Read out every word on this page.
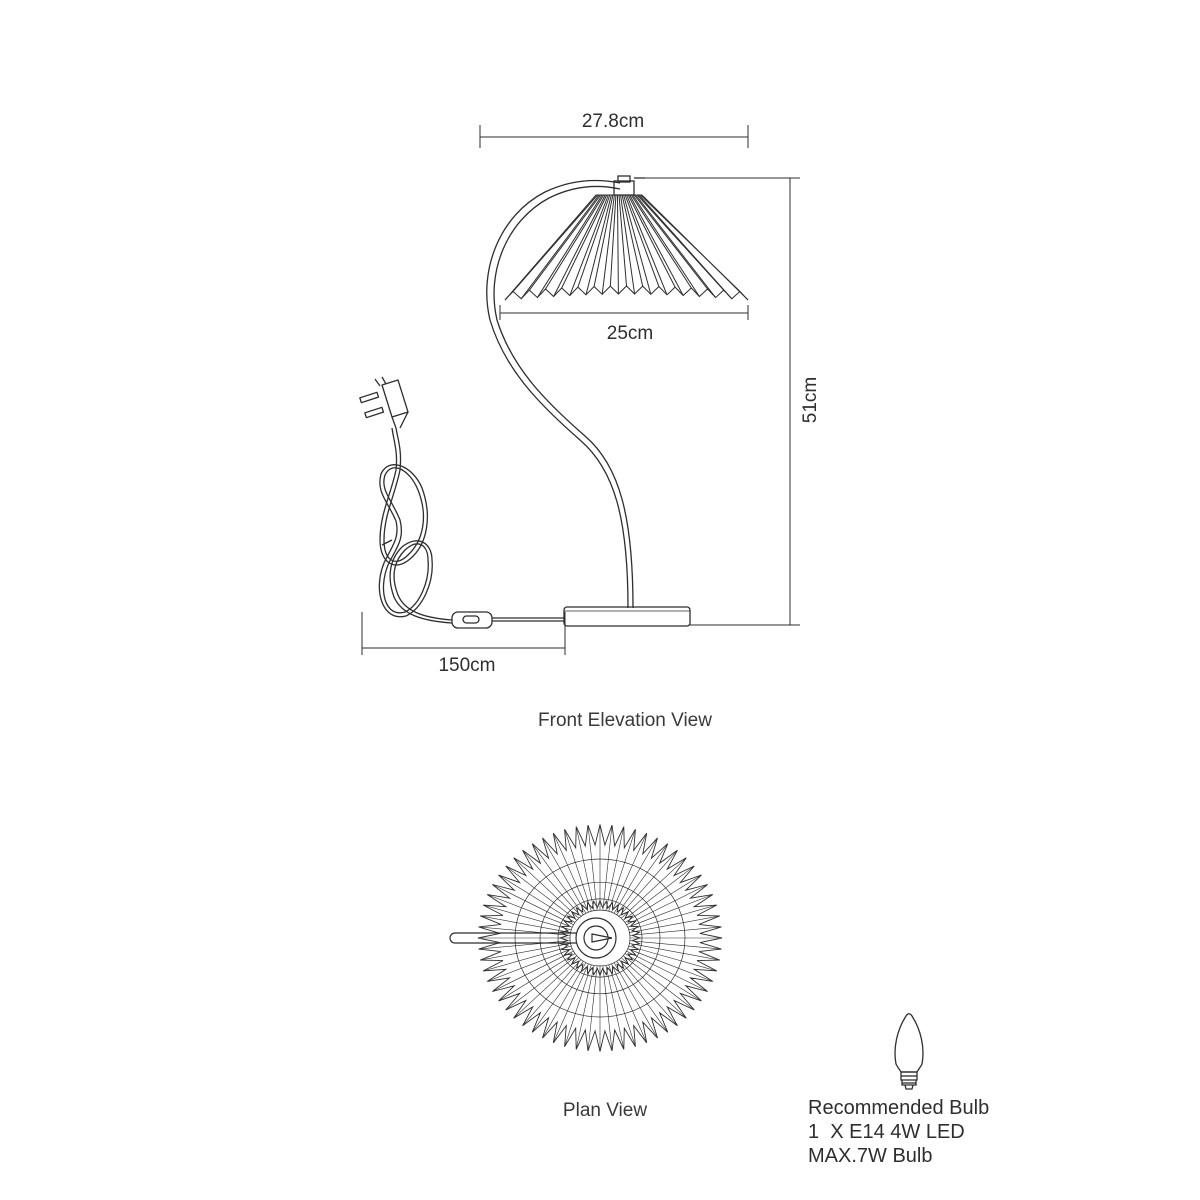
27.8cm
25cm
51cm
150cm
Front Elevation View
Plan View	Recommended Bulb
1  X E14 4W LED
MAX.7W Bulb
